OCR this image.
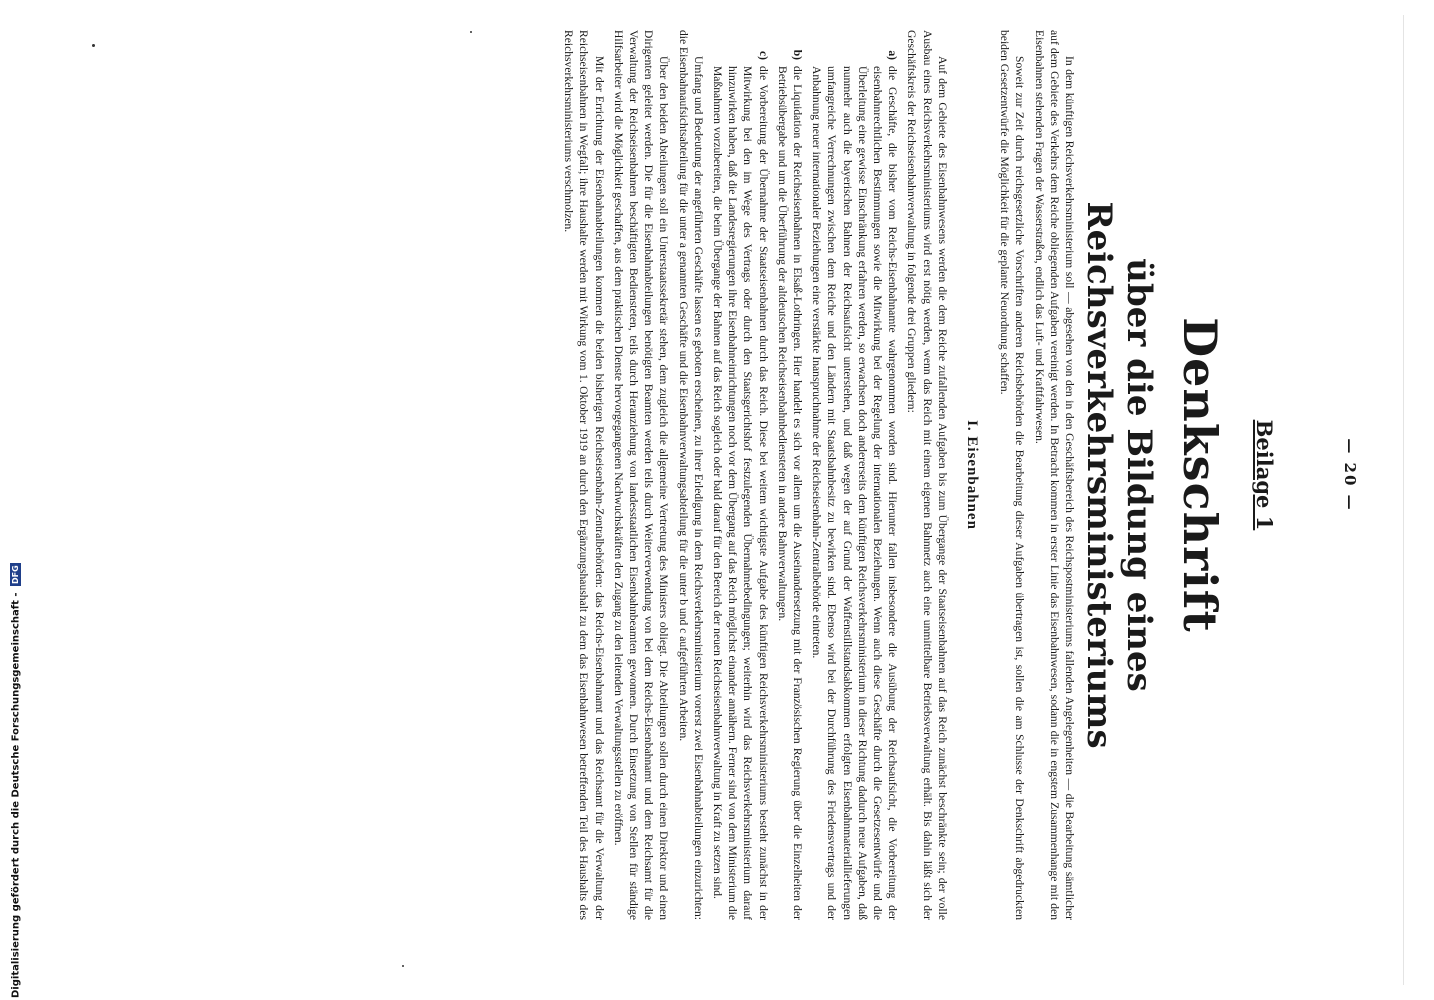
— 20 —
Beilage 1
Denkschrift
über die Bildung eines Reichsverkehrsministeriums

In dem künftigen Reichsverkehrsministerium soll — abgesehen von den in den Geschäftsbereich des Reichspostministeriums fallenden Angelegenheiten — die Bearbeitung sämtlicher auf dem Gebiete des Verkehrs dem Reiche obliegenden Aufgaben vereinigt werden. In Betracht kommen in erster Linie das Eisenbahnwesen, sodann die in engstem Zusammenhange mit den Eisenbahnen stehenden Fragen der Wasserstraßen, endlich das Luft- und Kraftfahrwesen.

Soweit zur Zeit durch reichsgesetzliche Vorschriften anderen Reichsbehörden die Bearbeitung dieser Aufgaben übertragen ist, sollen die am Schlusse der Denkschrift abgedruckten beiden Gesetzentwürfe die Möglichkeit für die geplante Neuordnung schaffen.

I. Eisenbahnen

Auf dem Gebiete des Eisenbahnwesens werden die dem Reiche zufallenden Aufgaben bis zum Übergange der Staatseisenbahnen auf das Reich zunächst beschränkte sein; der volle Ausbau eines Reichsverkehrsministeriums wird erst nötig werden, wenn das Reich mit einem eigenen Bahnnetz auch eine unmittelbare Betriebsverwaltung erhält. Bis dahin läßt sich der Geschäftskreis der Reichseisenbahnverwaltung in folgende drei Gruppen gliedern:

a)
die Geschäfte, die bisher vom Reichs-Eisenbahnamte wahrgenommen worden sind. Hierunter fallen insbesondere die Ausübung der Reichsaufsicht, die Vorbereitung der eisenbahnrechtlichen Bestimmungen sowie die Mitwirkung bei der Regelung der internationalen Beziehungen. Wenn auch diese Geschäfte durch die Gesetzesentwürfe und die Überleitung eine gewisse Einschränkung erfahren werden, so erwachsen doch andererseits dem künftigen Reichsverkehrsministerium in dieser Richtung dadurch neue Aufgaben, daß nunmehr auch die bayerischen Bahnen der Reichsaufsicht unterstehen, und daß wegen der auf Grund der Waffenstillstandsabkommen erfolgten Eisenbahnmateriallieferungen umfangreiche Verrechnungen zwischen dem Reiche und den Ländern mit Staatsbahnbesitz zu bewirken sind. Ebenso wird bei der Durchführung des Friedensvertrags und der Anbahnung neuer internationaler Beziehungen eine verstärkte Inanspruchnahme der Reichseisenbahn-Zentralbehörde eintreten.
b)
die Liquidation der Reichseisenbahnen in Elsaß-Lothringen. Hier handelt es sich vor allem um die Auseinandersetzung mit der Französischen Regierung über die Einzelheiten der Betriebsübergabe und um die Überführung der altdeutschen Reichseisenbahnbediensteten in andere Bahnverwaltungen.
c)
die Vorbereitung der Übernahme der Staatseisenbahnen durch das Reich. Diese bei weitem wichtigste Aufgabe des künftigen Reichsverkehrsministeriums besteht zunächst in der Mitwirkung bei den im Wege des Vertrags oder durch den Staatsgerichtshof festzulegenden Übernahmebedingungen; weiterhin wird das Reichsverkehrsministerium darauf hinzuwirken haben, daß die Landesregierungen ihre Eisenbahneinrichtungen noch vor dem Übergang auf das Reich möglichst einander annähern. Ferner sind von dem Ministerium die Maßnahmen vorzubereiten, die beim Übergange der Bahnen auf das Reich sogleich oder bald darauf für den Bereich der neuen Reichseisenbahnverwaltung in Kraft zu setzen sind.

Umfang und Bedeutung der angeführten Geschäfte lassen es geboten erscheinen, zu ihrer Erledigung in dem Reichsverkehrsministerium vorerst zwei Eisenbahnabteilungen einzurichten: die Eisenbahnaufsichtsabteilung für die unter a genannten Geschäfte und die Eisenbahnverwaltungsabteilung für die unter b und c aufgeführten Arbeiten.

Über den beiden Abteilungen soll ein Unterstaatssekretär stehen, dem zugleich die allgemeine Vertretung des Ministers obliegt. Die Abteilungen sollen durch einen Direktor und einen Dirigenten geleitet werden. Die für die Eisenbahnabteilungen benötigten Beamten werden teils durch Weiterverwendung von bei dem Reichs-Eisenbahnamt und dem Reichsamt für die Verwaltung der Reichseisenbahnen beschäftigten Bediensteten, teils durch Heranziehung von landesstaatlichen Eisenbahnbeamten gewonnen. Durch Einsetzung von Stellen für ständige Hilfsarbeiter wird die Möglichkeit geschaffen, aus dem praktischen Dienste hervorgegangenen Nachwuchskräften den Zugang zu den leitenden Verwaltungsstellen zu eröffnen.

Mit der Errichtung der Eisenbahnabteilungen kommen die beiden bisherigen Reichseisenbahn-Zentralbehörden: das Reichs-Eisenbahnamt und das Reichsamt für die Verwaltung der Reichseisenbahnen in Wegfall; ihre Haushalte werden mit Wirkung vom 1. Oktober 1919 an durch den Ergänzungshaushalt zu dem das Eisenbahnwesen betreffenden Teil des Haushalts des Reichsverkehrsministeriums verschmolzen.

Digitalisierung gefördert durch die Deutsche Forschungsgemeinschaft - DFG
